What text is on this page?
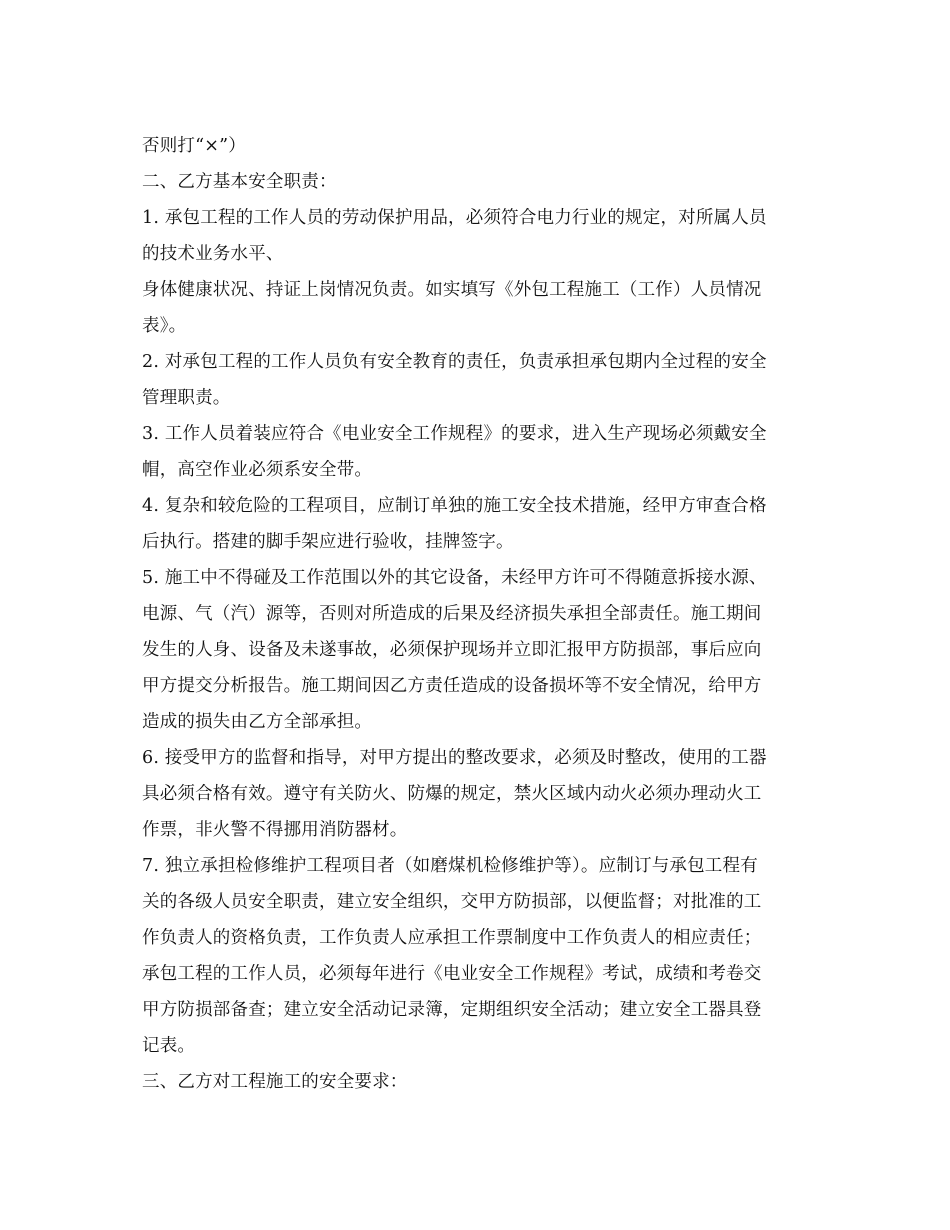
否则打“×”）
二、乙方基本安全职责：
1. 承包工程的工作人员的劳动保护用品，必须符合电力行业的规定，对所属人员
的技术业务水平、
身体健康状况、持证上岗情况负责。如实填写《外包工程施工（工作）人员情况
表》。
2. 对承包工程的工作人员负有安全教育的责任，负责承担承包期内全过程的安全
管理职责。
3. 工作人员着装应符合《电业安全工作规程》的要求，进入生产现场必须戴安全
帽，高空作业必须系安全带。
4. 复杂和较危险的工程项目，应制订单独的施工安全技术措施，经甲方审查合格
后执行。搭建的脚手架应进行验收，挂牌签字。
5. 施工中不得碰及工作范围以外的其它设备，未经甲方许可不得随意拆接水源、
电源、气（汽）源等，否则对所造成的后果及经济损失承担全部责任。施工期间
发生的人身、设备及未遂事故，必须保护现场并立即汇报甲方防损部，事后应向
甲方提交分析报告。施工期间因乙方责任造成的设备损坏等不安全情况，给甲方
造成的损失由乙方全部承担。
6. 接受甲方的监督和指导，对甲方提出的整改要求，必须及时整改，使用的工器
具必须合格有效。遵守有关防火、防爆的规定，禁火区域内动火必须办理动火工
作票，非火警不得挪用消防器材。
7. 独立承担检修维护工程项目者（如磨煤机检修维护等）。应制订与承包工程有
关的各级人员安全职责，建立安全组织，交甲方防损部，以便监督；对批准的工
作负责人的资格负责，工作负责人应承担工作票制度中工作负责人的相应责任；
承包工程的工作人员，必须每年进行《电业安全工作规程》考试，成绩和考卷交
甲方防损部备查；建立安全活动记录簿，定期组织安全活动；建立安全工器具登
记表。
三、乙方对工程施工的安全要求：
